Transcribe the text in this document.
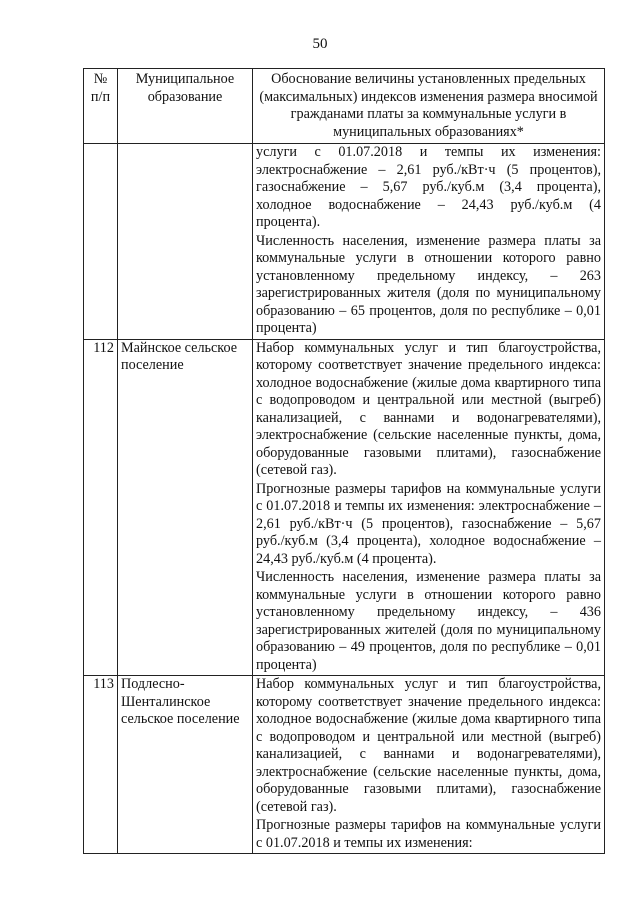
50
№ п/п	Муниципальное образование	Обоснование величины установленных предельных (максимальных) индексов изменения размера вносимой гражданами платы за коммунальные услуги в муниципальных образованиях*

		услуги с 01.07.2018 и темпы их изменения: электроснабжение – 2,61 руб./кВт·ч (5 процентов), газоснабжение – 5,67 руб./куб.м (3,4 процента), холодное водоснабжение – 24,43 руб./куб.м (4 процента).

Численность населения, изменение размера платы за коммунальные услуги в отношении которого равно установленному предельному индексу, – 263 зарегистрированных жителя (доля по муниципальному образованию – 65 процентов, доля по республике – 0,01 процента)

112	Майнское сельское поселение	Набор коммунальных услуг и тип благоустройства, которому соответствует значение предельного индекса: холодное водоснабжение (жилые дома квартирного типа с водопроводом и центральной или местной (выгреб) канализацией, с ваннами и водонагревателями), электроснабжение (сельские населенные пункты, дома, оборудованные газовыми плитами), газоснабжение (сетевой газ).

Прогнозные размеры тарифов на коммунальные услуги с 01.07.2018 и темпы их изменения: электроснабжение – 2,61 руб./кВт·ч (5 процентов), газоснабжение – 5,67 руб./куб.м (3,4 процента), холодное водоснабжение – 24,43 руб./куб.м (4 процента).

Численность населения, изменение размера платы за коммунальные услуги в отношении которого равно установленному предельному индексу, – 436 зарегистрированных жителей (доля по муниципальному образованию – 49 процентов, доля по республике – 0,01 процента)

113	Подлесно-Шенталинское сельское поселение	Набор коммунальных услуг и тип благоустройства, которому соответствует значение предельного индекса: холодное водоснабжение (жилые дома квартирного типа с водопроводом и центральной или местной (выгреб) канализацией, с ваннами и водонагревателями), электроснабжение (сельские населенные пункты, дома, оборудованные газовыми плитами), газоснабжение (сетевой газ).

Прогнозные размеры тарифов на коммунальные услуги с 01.07.2018 и темпы их изменения:
